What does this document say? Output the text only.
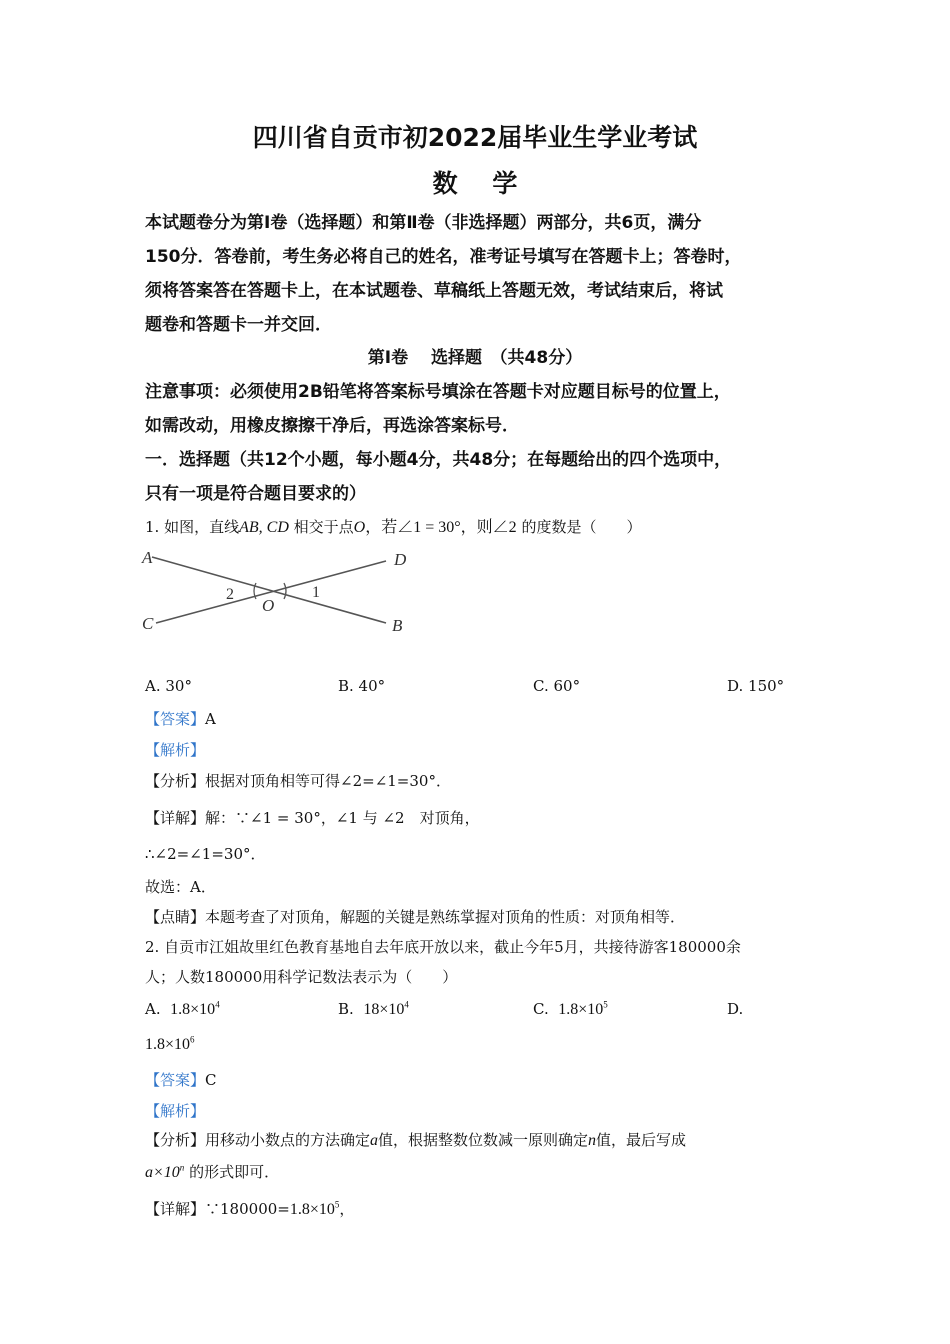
四川省自贡市初2022届毕业生学业考试
数    学
本试题卷分为第Ⅰ卷（选择题）和第Ⅱ卷（非选择题）两部分，共6页，满分
150分．答卷前，考生务必将自己的姓名，准考证号填写在答题卡上；答卷时，
须将答案答在答题卡上，在本试题卷、草稿纸上答题无效，考试结束后，将试
题卷和答题卡一并交回．
第Ⅰ卷　 选择题　（共48分）
注意事项：必须使用2B铅笔将答案标号填涂在答题卡对应题目标号的位置上，
如需改动，用橡皮擦擦干净后，再选涂答案标号．
一．选择题（共12个小题，每小题4分，共48分；在每题给出的四个选项中，
只有一项是符合题目要求的）
1. 如图，直线AB, CD 相交于点O，若∠1 = 30°，则∠2 的度数是（　　）
A	D
C	B
O
2	1
A. 30°	B. 40°	C. 60°	D. 150°
【答案】A
【解析】
【分析】根据对顶角相等可得∠2=∠1=30°．
【详解】解：∵∠1 = 30°，∠1 与 ∠2　对顶角，
∴∠2=∠1=30°．
故选：A．
【点睛】本题考查了对顶角，解题的关键是熟练掌握对顶角的性质：对顶角相等．
2. 自贡市江姐故里红色教育基地自去年底开放以来，截止今年5月，共接待游客180000余
人；人数180000用科学记数法表示为（　　）
A. $1.8\times 10^4$	B. $18\times 10^4$	C. $1.8\times 10^5$	D.
$1.8\times 10^6$
【答案】C
【解析】
【分析】用移动小数点的方法确定a值，根据整数位数减一原则确定n值，最后写成
$a\times 10^n$ 的形式即可．
【详解】$\because 180000=1.8\times 10^5$，
